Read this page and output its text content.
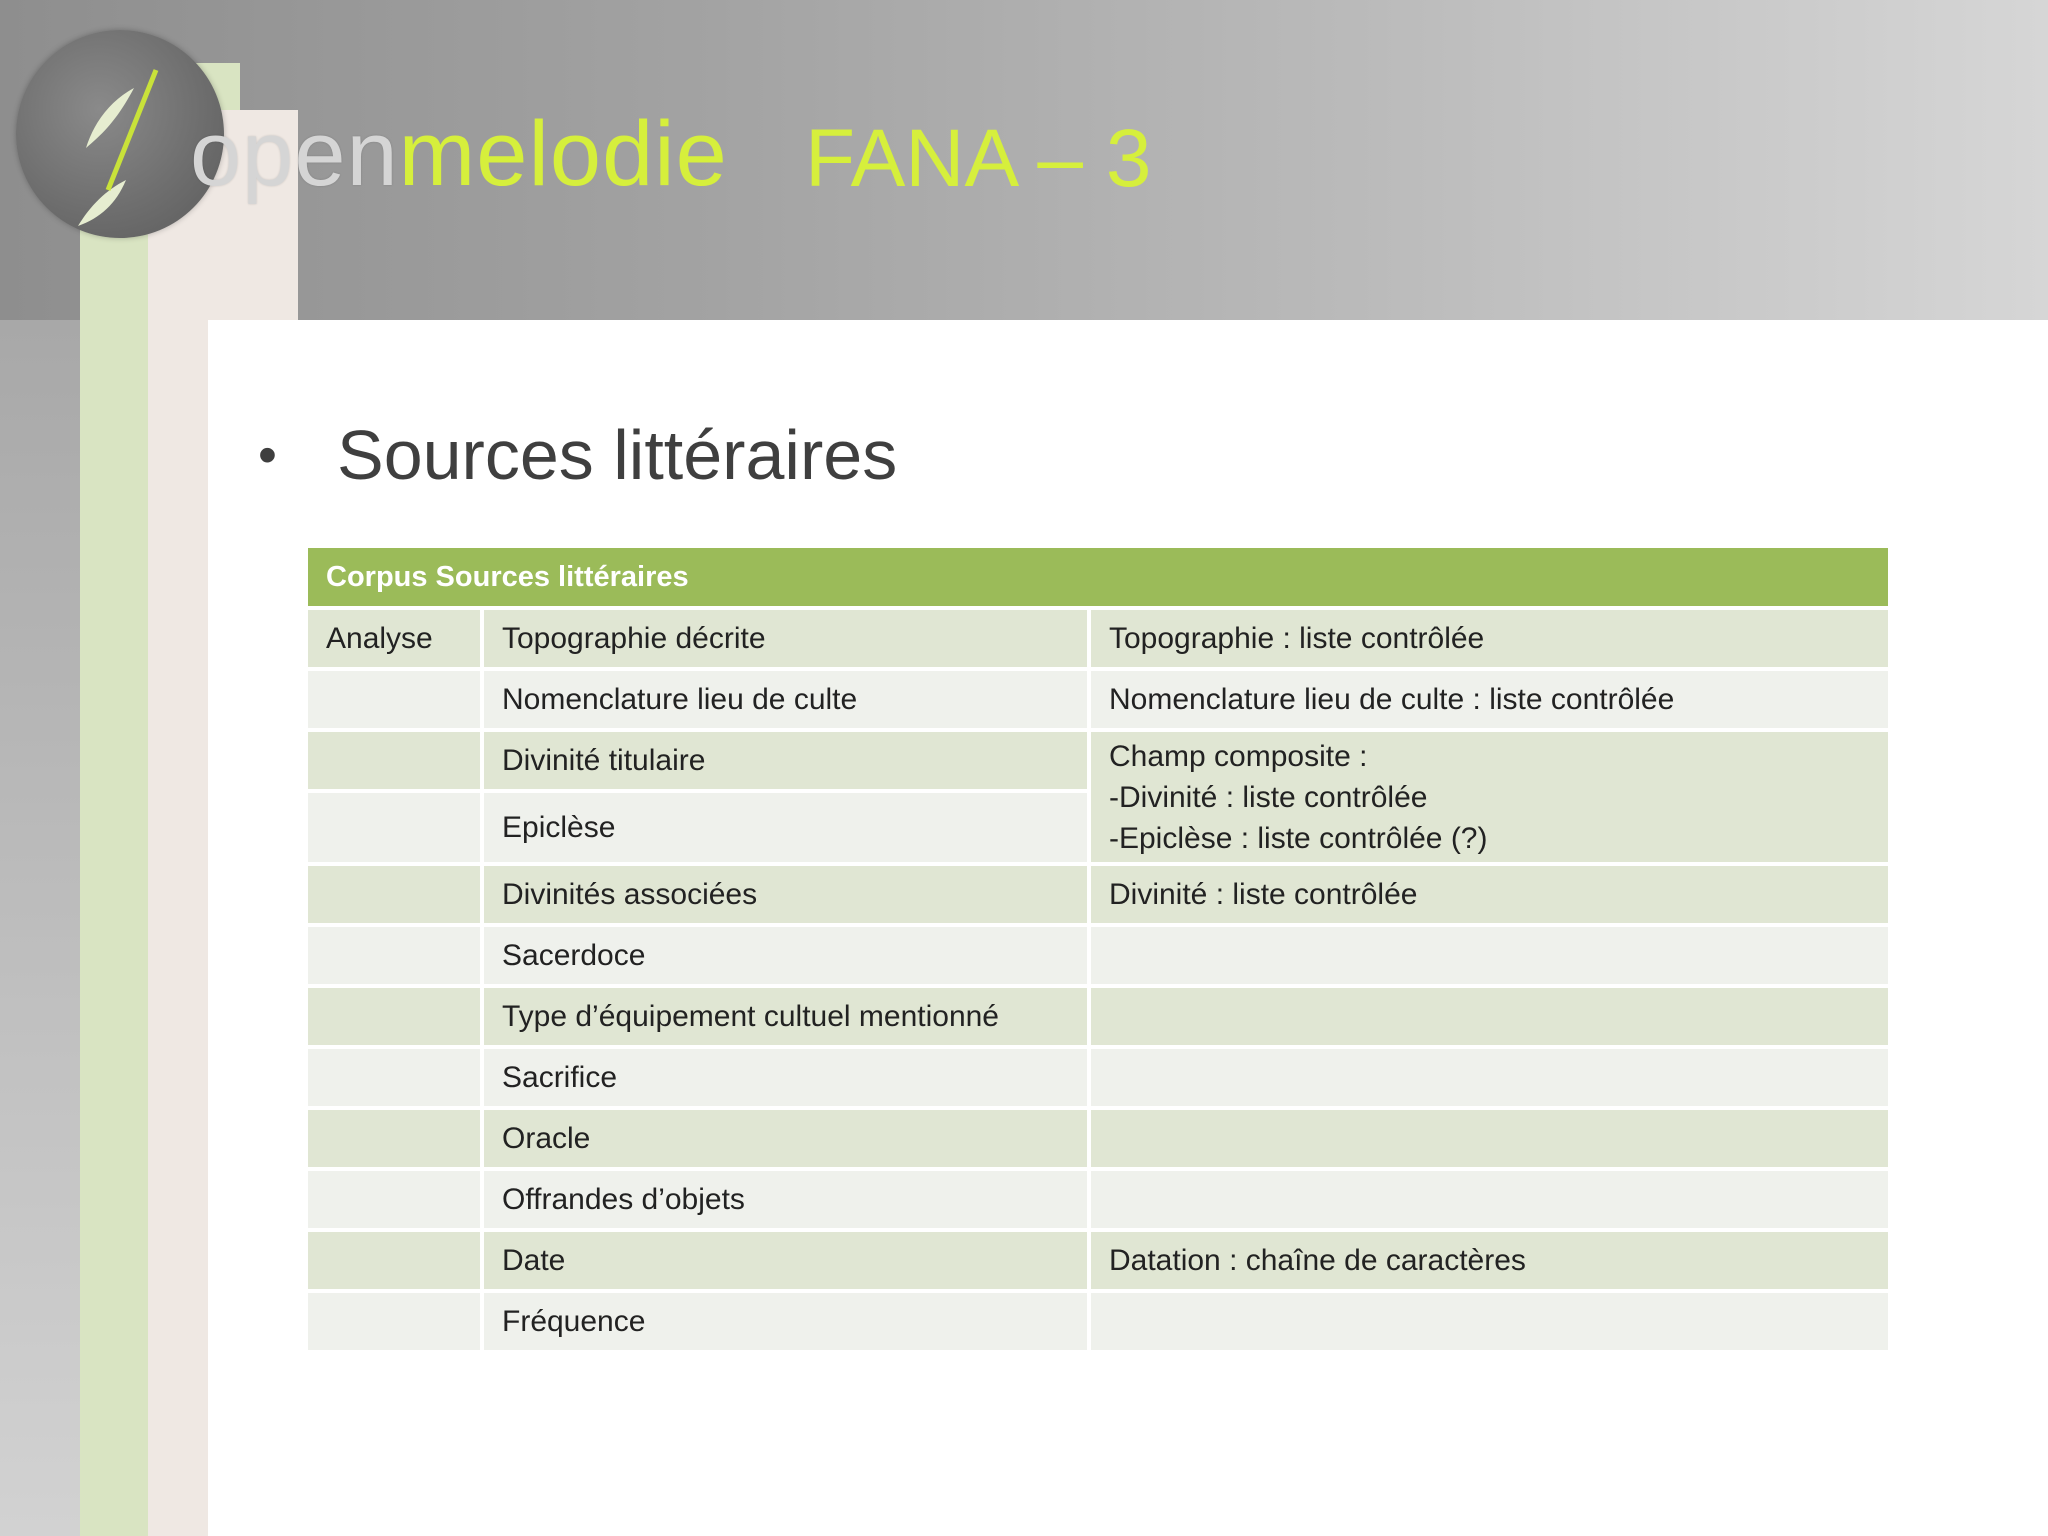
openmelodie FANA – 3
• Sources littéraires
Corpus Sources littéraires		
Analyse	Topographie décrite	Topographie : liste contrôlée
	Nomenclature lieu de culte	Nomenclature lieu de culte : liste contrôlée
	Divinité titulaire	Champ composite :
-Divinité : liste contrôlée
-Epiclèse : liste contrôlée (?)

	Epiclèse	
	Divinités associées	Divinité : liste contrôlée
	Sacerdoce	
	Type d’équipement cultuel mentionné	
	Sacrifice	
	Oracle	
	Offrandes d’objets	
	Date	Datation : chaîne de caractères
	Fréquence	
